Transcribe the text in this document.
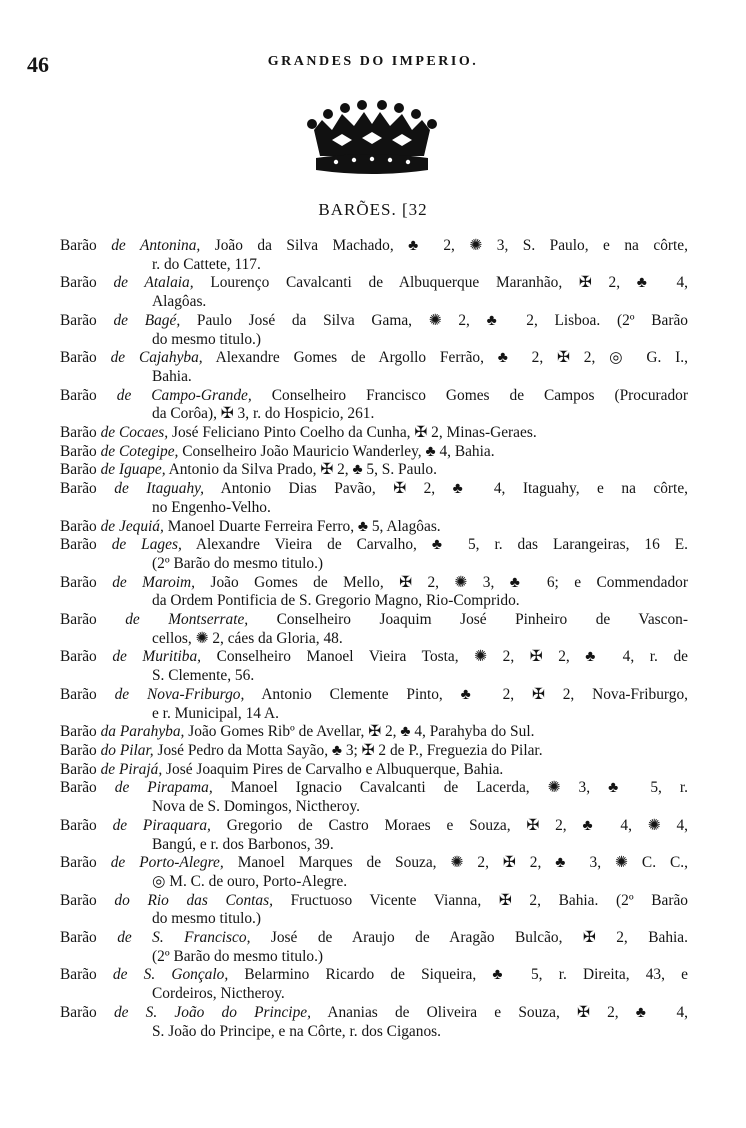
46	GRANDES DO IMPERIO.
BARÕES. [32
Barão de Antonina, João da Silva Machado, ♣ 2, ✺ 3, S. Paulo, e na côrte,
r. do Cattete, 117.
Barão de Atalaia, Lourenço Cavalcanti de Albuquerque Maranhão, ✠ 2, ♣ 4,
Alagôas.
Barão de Bagé, Paulo José da Silva Gama, ✺ 2, ♣ 2, Lisboa. (2º Barão
do mesmo titulo.)
Barão de Cajahyba, Alexandre Gomes de Argollo Ferrão, ♣ 2, ✠ 2, ◎ G. I.,
Bahia.
Barão de Campo-Grande, Conselheiro Francisco Gomes de Campos (Procurador
da Corôa), ✠ 3, r. do Hospicio, 261.
Barão de Cocaes, José Feliciano Pinto Coelho da Cunha, ✠ 2, Minas-Geraes.
Barão de Cotegipe, Conselheiro João Mauricio Wanderley, ♣ 4, Bahia.
Barão de Iguape, Antonio da Silva Prado, ✠ 2, ♣ 5, S. Paulo.
Barão de Itaguahy, Antonio Dias Pavão, ✠ 2, ♣ 4, Itaguahy, e na côrte,
no Engenho-Velho.
Barão de Jequiá, Manoel Duarte Ferreira Ferro, ♣ 5, Alagôas.
Barão de Lages, Alexandre Vieira de Carvalho, ♣ 5, r. das Larangeiras, 16 E.
(2º Barão do mesmo titulo.)
Barão de Maroim, João Gomes de Mello, ✠ 2, ✺ 3, ♣ 6; e Commendador
da Ordem Pontificia de S. Gregorio Magno, Rio-Comprido.
Barão de Montserrate, Conselheiro Joaquim José Pinheiro de Vascon-
cellos, ✺ 2, cáes da Gloria, 48.
Barão de Muritiba, Conselheiro Manoel Vieira Tosta, ✺ 2, ✠ 2, ♣ 4, r. de
S. Clemente, 56.
Barão de Nova-Friburgo, Antonio Clemente Pinto, ♣ 2, ✠ 2, Nova-Friburgo,
e r. Municipal, 14 A.
Barão da Parahyba, João Gomes Ribº de Avellar, ✠ 2, ♣ 4, Parahyba do Sul.
Barão do Pilar, José Pedro da Motta Sayão, ♣ 3; ✠ 2 de P., Freguezia do Pilar.
Barão de Pirajá, José Joaquim Pires de Carvalho e Albuquerque, Bahia.
Barão de Pirapama, Manoel Ignacio Cavalcanti de Lacerda, ✺ 3, ♣ 5, r.
Nova de S. Domingos, Nictheroy.
Barão de Piraquara, Gregorio de Castro Moraes e Souza, ✠ 2, ♣ 4, ✺ 4,
Bangú, e r. dos Barbonos, 39.
Barão de Porto-Alegre, Manoel Marques de Souza, ✺ 2, ✠ 2, ♣ 3, ✺ C. C.,
◎ M. C. de ouro, Porto-Alegre.
Barão do Rio das Contas, Fructuoso Vicente Vianna, ✠ 2, Bahia. (2º Barão
do mesmo titulo.)
Barão de S. Francisco, José de Araujo de Aragão Bulcão, ✠ 2, Bahia.
(2º Barão do mesmo titulo.)
Barão de S. Gonçalo, Belarmino Ricardo de Siqueira, ♣ 5, r. Direita, 43, e
Cordeiros, Nictheroy.
Barão de S. João do Principe, Ananias de Oliveira e Souza, ✠ 2, ♣ 4,
S. João do Principe, e na Côrte, r. dos Ciganos.
